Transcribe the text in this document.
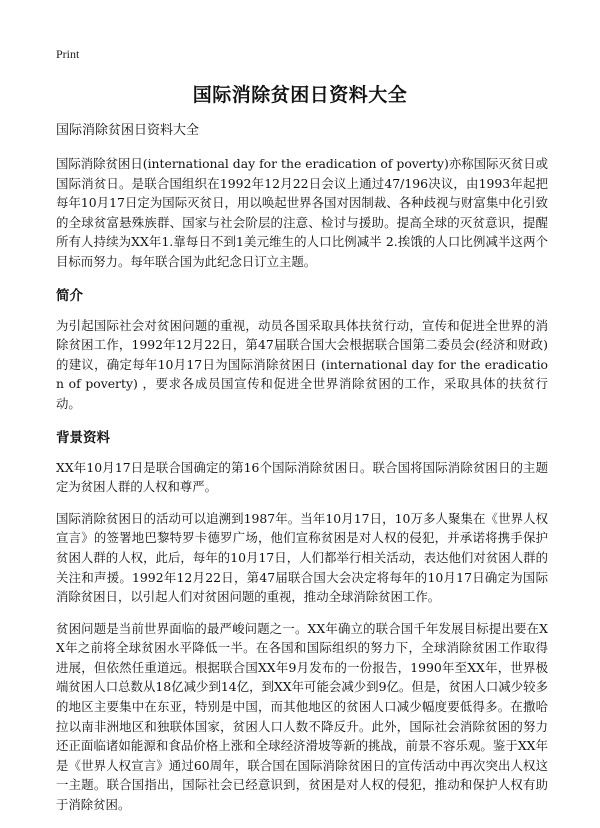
Print
国际消除贫困日资料大全
国际消除贫困日资料大全

国际消除贫困日(international day for the eradication of poverty)亦称国际灭贫日或国际消贫日。是联合国组织在1992年12月22日会议上通过47/196决议，由1993年起把每年10月17日定为国际灭贫日，用以唤起世界各国对因制裁、各种歧视与财富集中化引致的全球贫富悬殊族群、国家与社会阶层的注意、检讨与援助。提高全球的灭贫意识，提醒所有人持续为XX年1.靠每日不到1美元维生的人口比例减半 2.挨饿的人口比例减半这两个目标而努力。每年联合国为此纪念日订立主题。

简介

为引起国际社会对贫困问题的重视，动员各国采取具体扶贫行动，宣传和促进全世界的消除贫困工作，1992年12月22日，第47届联合国大会根据联合国第二委员会(经济和财政)的建议，确定每年10月17日为国际消除贫困日 (international day for the eradication of poverty) ，要求各成员国宣传和促进全世界消除贫困的工作，采取具体的扶贫行动。

背景资料

XX年10月17日是联合国确定的第16个国际消除贫困日。联合国将国际消除贫困日的主题定为贫困人群的人权和尊严。

国际消除贫困日的活动可以追溯到1987年。当年10月17日，10万多人聚集在《世界人权宣言》的签署地巴黎特罗卡德罗广场，他们宣称贫困是对人权的侵犯，并承诺将携手保护贫困人群的人权，此后，每年的10月17日，人们都举行相关活动，表达他们对贫困人群的关注和声援。1992年12月22日，第47届联合国大会决定将每年的10月17日确定为国际消除贫困日，以引起人们对贫困问题的重视，推动全球消除贫困工作。

贫困问题是当前世界面临的最严峻问题之一。XX年确立的联合国千年发展目标提出要在XX年之前将全球贫困水平降低一半。在各国和国际组织的努力下，全球消除贫困工作取得进展，但依然任重道远。根据联合国XX年9月发布的一份报告，1990年至XX年，世界极端贫困人口总数从18亿减少到14亿，到XX年可能会减少到9亿。但是，贫困人口减少较多的地区主要集中在东亚，特别是中国，而其他地区的贫困人口减少幅度要低得多。在撒哈拉以南非洲地区和独联体国家，贫困人口人数不降反升。此外，国际社会消除贫困的努力还正面临诸如能源和食品价格上涨和全球经济滑坡等新的挑战，前景不容乐观。鉴于XX年是《世界人权宣言》通过60周年，联合国在国际消除贫困日的宣传活动中再次突出人权这一主题。联合国指出，国际社会已经意识到，贫困是对人权的侵犯，推动和保护人权有助于消除贫困。
